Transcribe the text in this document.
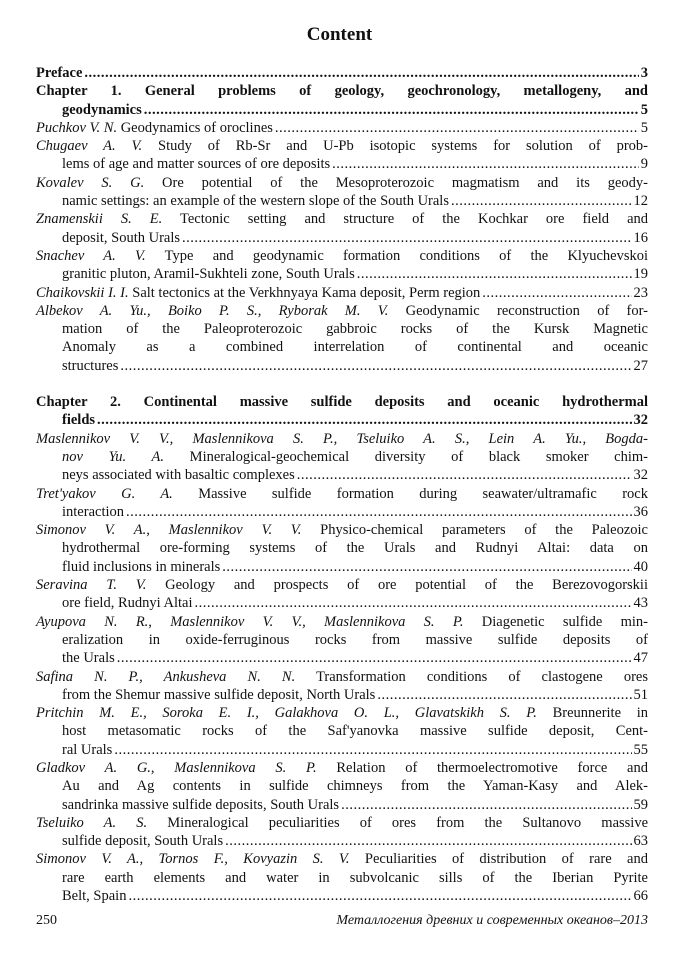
Content
Preface .....	3
Chapter 1. General problems of geology, geochronology, metallogeny, and
geodynamics .....	5
Puchkov V. N. Geodynamics of oroclines .....	5
Chugaev A. V. Study of Rb-Sr and U-Pb isotopic systems for solution of prob-
lems of age and matter sources of ore deposits .....	9
Kovalev S. G. Ore potential of the Mesoproterozoic magmatism and its geody-
namic settings: an example of the western slope of the South Urals .....	12
Znamenskii S. E. Tectonic setting and structure of the Kochkar ore field and
deposit, South Urals .....	16
Snachev A. V. Type and geodynamic formation conditions of the Klyuchevskoi
granitic pluton, Aramil-Sukhteli zone, South Urals .....	19
Chaikovskii I. I. Salt tectonics at the Verkhnyaya Kama deposit, Perm region .....	23
Albekov A. Yu., Boiko P. S., Ryborak M. V. Geodynamic reconstruction of for-
mation of the Paleoproterozoic gabbroic rocks of the Kursk Magnetic
Anomaly as a combined interrelation of continental and oceanic
structures .....	27
Chapter 2. Continental massive sulfide deposits and oceanic hydrothermal
fields .....	32
Maslennikov V. V., Maslennikova S. P., Tseluiko A. S., Lein A. Yu., Bogda-
nov Yu. A. Mineralogical-geochemical diversity of black smoker chim-
neys associated with basaltic complexes .....	32
Tret'yakov G. A. Massive sulfide formation during seawater/ultramafic rock
interaction .....	36
Simonov V. A., Maslennikov V. V. Physico-chemical parameters of the Paleozoic
hydrothermal ore-forming systems of the Urals and Rudnyi Altai: data on
fluid inclusions in minerals .....	40
Seravina T. V. Geology and prospects of ore potential of the Berezovogorskii
ore field, Rudnyi Altai .....	43
Ayupova N. R., Maslennikov V. V., Maslennikova S. P. Diagenetic sulfide min-
eralization in oxide-ferruginous rocks from massive sulfide deposits of
the Urals .....	47
Safina N. P., Ankusheva N. N. Transformation conditions of clastogene ores
from the Shemur massive sulfide deposit, North Urals .....	51
Pritchin M. E., Soroka E. I., Galakhova O. L., Glavatskikh S. P. Breunnerite in
host metasomatic rocks of the Saf'yanovka massive sulfide deposit, Cent-
ral Urals .....	55
Gladkov A. G., Maslennikova S. P. Relation of thermoelectromotive force and
Au and Ag contents in sulfide chimneys from the Yaman-Kasy and Alek-
sandrinka massive sulfide deposits, South Urals .....	59
Tseluiko A. S. Mineralogical peculiarities of ores from the Sultanovo massive
sulfide deposit, South Urals .....	63
Simonov V. A., Tornos F., Kovyazin S. V. Peculiarities of distribution of rare and
rare earth elements and water in subvolcanic sills of the Iberian Pyrite
Belt, Spain .....	66
250	Металлогения древних и современных океанов–2013
